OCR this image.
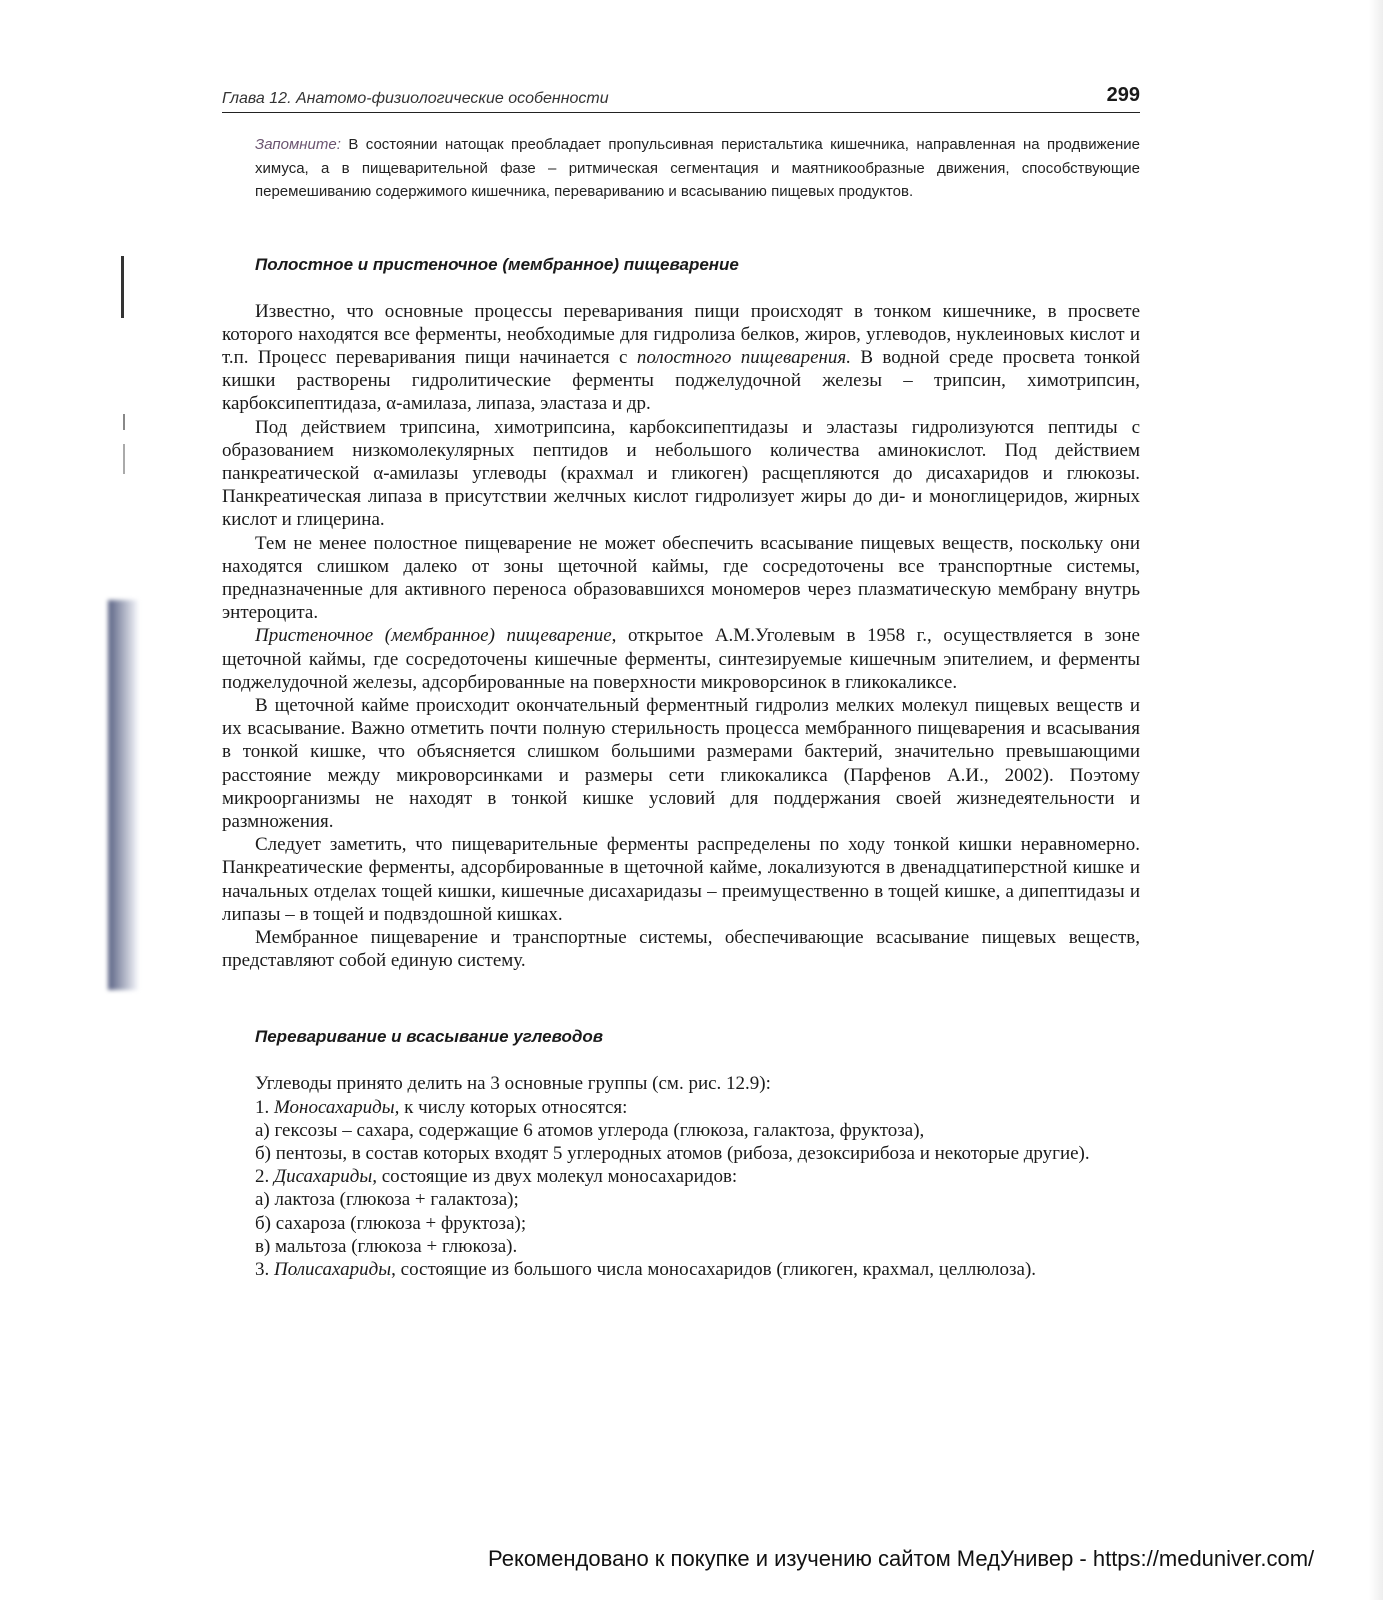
Глава 12. Анатомо-физиологические особенности	299
Запомните: В состоянии натощак преобладает пропульсивная перистальтика кишечника, направленная на продвижение химуса, а в пищеварительной фазе – ритмическая сегментация и маятникообразные движения, способствующие перемешиванию содержимого кишечника, перевариванию и всасыванию пищевых продуктов.
Полостное и пристеночное (мембранное) пищеварение

Известно, что основные процессы переваривания пищи происходят в тонком кишечнике, в просвете которого находятся все ферменты, необходимые для гидролиза белков, жиров, углеводов, нуклеиновых кислот и т.п. Процесс переваривания пищи начинается с полостного пищеварения. В водной среде просвета тонкой кишки растворены гидролитические ферменты поджелудочной железы – трипсин, химотрипсин, карбоксипептидаза, α-амилаза, липаза, эластаза и др.

Под действием трипсина, химотрипсина, карбоксипептидазы и эластазы гидролизуются пептиды с образованием низкомолекулярных пептидов и небольшого количества аминокислот. Под действием панкреатической α-амилазы углеводы (крахмал и гликоген) расщепляются до дисахаридов и глюкозы. Панкреатическая липаза в присутствии желчных кислот гидролизует жиры до ди- и моноглицеридов, жирных кислот и глицерина.

Тем не менее полостное пищеварение не может обеспечить всасывание пищевых веществ, поскольку они находятся слишком далеко от зоны щеточной каймы, где сосредоточены все транспортные системы, предназначенные для активного переноса образовавшихся мономеров через плазматическую мембрану внутрь энтероцита.

Пристеночное (мембранное) пищеварение, открытое А.М.Уголевым в 1958 г., осуществляется в зоне щеточной каймы, где сосредоточены кишечные ферменты, синтезируемые кишечным эпителием, и ферменты поджелудочной железы, адсорбированные на поверхности микроворсинок в гликокаликсе.

В щеточной кайме происходит окончательный ферментный гидролиз мелких молекул пищевых веществ и их всасывание. Важно отметить почти полную стерильность процесса мембранного пищеварения и всасывания в тонкой кишке, что объясняется слишком большими размерами бактерий, значительно превышающими расстояние между микроворсинками и размеры сети гликокаликса (Парфенов А.И., 2002). Поэтому микроорганизмы не находят в тонкой кишке условий для поддержания своей жизнедеятельности и размножения.

Следует заметить, что пищеварительные ферменты распределены по ходу тонкой кишки неравномерно. Панкреатические ферменты, адсорбированные в щеточной кайме, локализуются в двенадцатиперстной кишке и начальных отделах тощей кишки, кишечные дисахаридазы – преимущественно в тощей кишке, а дипептидазы и липазы – в тощей и подвздошной кишках.

Мембранное пищеварение и транспортные системы, обеспечивающие всасывание пищевых веществ, представляют собой единую систему.

Переваривание и всасывание углеводов

Углеводы принято делить на 3 основные группы (см. рис. 12.9):

1. Моносахариды, к числу которых относятся:

а) гексозы – сахара, содержащие 6 атомов углерода (глюкоза, галактоза, фруктоза),

б) пентозы, в состав которых входят 5 углеродных атомов (рибоза, дезоксирибоза и некоторые другие).

2. Дисахариды, состоящие из двух молекул моносахаридов:

а) лактоза (глюкоза + галактоза);

б) сахароза (глюкоза + фруктоза);

в) мальтоза (глюкоза + глюкоза).

3. Полисахариды, состоящие из большого числа моносахаридов (гликоген, крахмал, целлюлоза).

Рекомендовано к покупке и изучению сайтом МедУнивер - https://meduniver.com/
